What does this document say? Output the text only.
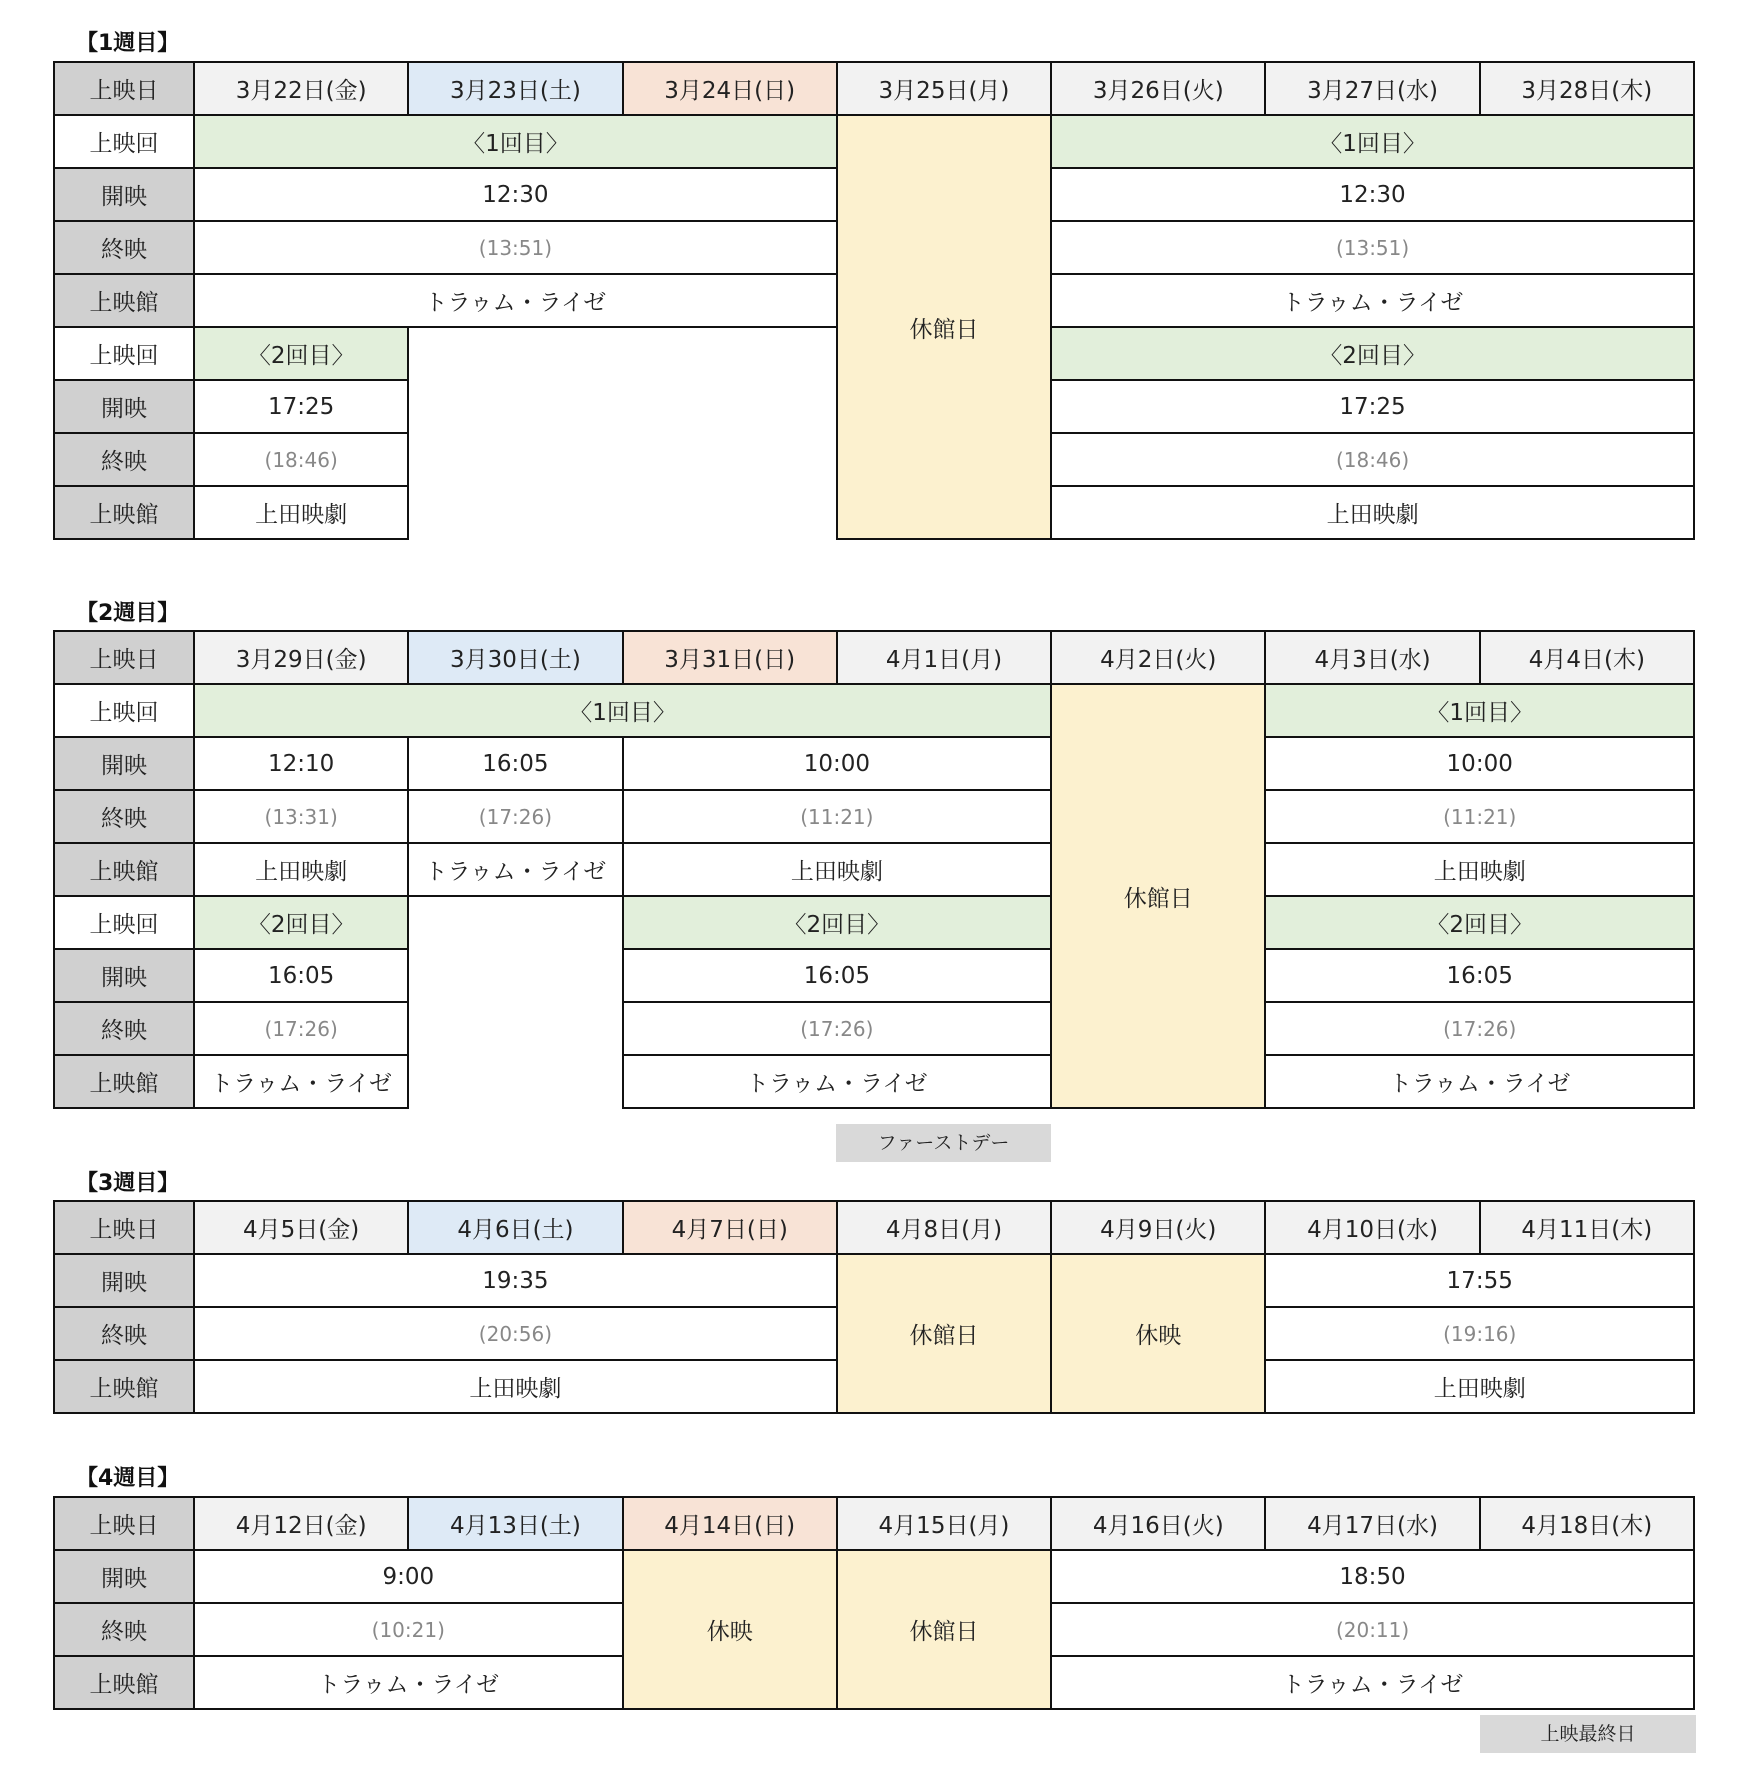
【1週目】
上映日	3月22日(金)	3月23日(土)	3月24日(日)	3月25日(月)	3月26日(火)	3月27日(水)	3月28日(木)
上映回	〈1回目〉			休館日	〈1回目〉		
開映	12:30				12:30		
終映	(13:51)				(13:51)		
上映館	トラゥム・ライゼ				トラゥム・ライゼ		
上映回	〈2回目〉				〈2回目〉		
開映	17:25				17:25		
終映	(18:46)				(18:46)		
上映館	上田映劇				上田映劇		
【2週目】
上映日	3月29日(金)	3月30日(土)	3月31日(日)	4月1日(月)	4月2日(火)	4月3日(水)	4月4日(木)
上映回	〈1回目〉				休館日	〈1回目〉	
開映	12:10	16:05	10:00			10:00	
終映	(13:31)	(17:26)	(11:21)			(11:21)	
上映館	上田映劇	トラゥム・ライゼ	上田映劇			上田映劇	
上映回	〈2回目〉		〈2回目〉			〈2回目〉	
開映	16:05		16:05			16:05	
終映	(17:26)		(17:26)			(17:26)	
上映館	トラゥム・ライゼ		トラゥム・ライゼ			トラゥム・ライゼ	
ファーストデー
【3週目】
上映日	4月5日(金)	4月6日(土)	4月7日(日)	4月8日(月)	4月9日(火)	4月10日(水)	4月11日(木)
開映	19:35			休館日	休映	17:55	
終映	(20:56)					(19:16)	
上映館	上田映劇					上田映劇	
【4週目】
上映日	4月12日(金)	4月13日(土)	4月14日(日)	4月15日(月)	4月16日(火)	4月17日(水)	4月18日(木)
開映	9:00		休映	休館日	18:50		
終映	(10:21)				(20:11)		
上映館	トラゥム・ライゼ				トラゥム・ライゼ		
上映最終日
